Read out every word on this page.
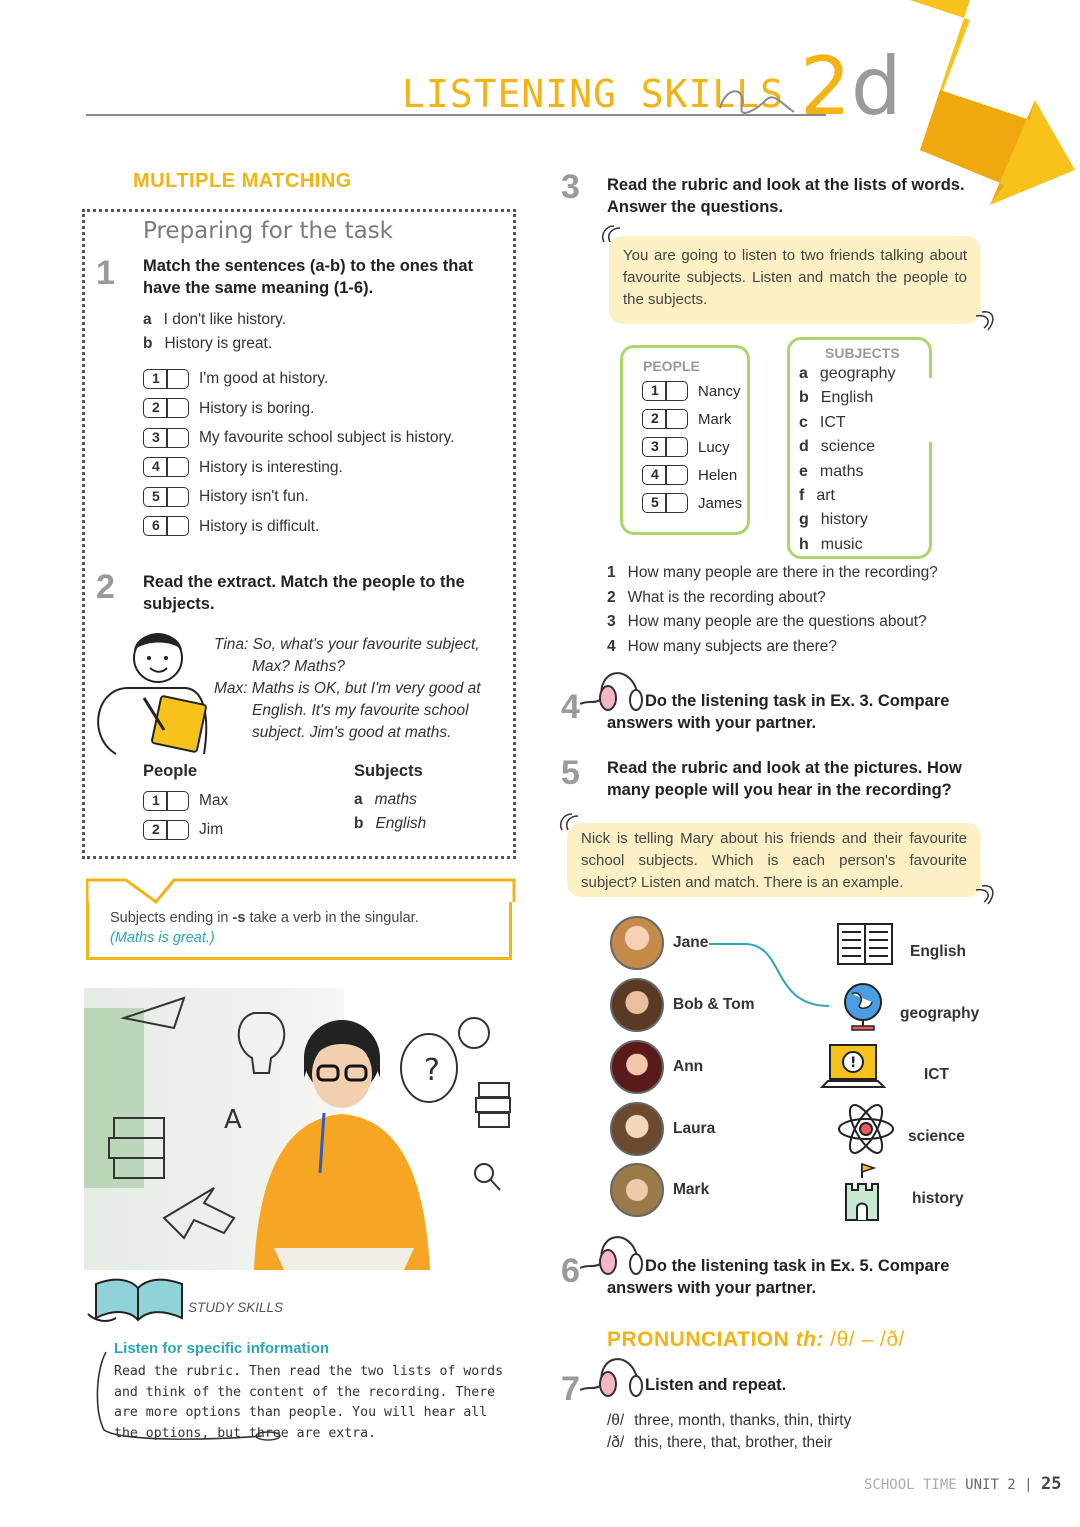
LISTENING SKILLS 2d
MULTIPLE MATCHING
Preparing for the task
1 Match the sentences (a-b) to the ones that have the same meaning (1-6).
a I don't like history.
b History is great.
1	I'm good at history.
2	History is boring.
3	My favourite school subject is history.
4	History is interesting.
5	History isn't fun.
6	History is difficult.
2 Read the extract. Match the people to the subjects.
Tina: So, what's your favourite subject,
Max? Maths?
Max: Maths is OK, but I'm very good at
English. It's my favourite school
subject. Jim's good at maths.
People	Subjects
1	Max
2	Jim
a maths
b English
Subjects ending in -s take a verb in the singular.
(Maths is great.)
A
?
STUDY SKILLS
Listen for specific information
Read the rubric. Then read the two lists of words and think of the content of the recording. There are more options than people. You will hear all the options, but three are extra.
3 Read the rubric and look at the lists of words. Answer the questions.
You are going to listen to two friends talking about favourite subjects. Listen and match the people to the subjects.
PEOPLE
1	Nancy
2	Mark
3	Lucy
4	Helen
5	James
SUBJECTS
a geography
b English
c ICT
d science
e maths
f art
g history
h music
1 How many people are there in the recording?
2 What is the recording about?
3 How many people are the questions about?
4 How many subjects are there?
4	Do the listening task in Ex. 3. Compare answers with your partner.
5 Read the rubric and look at the pictures. How many people will you hear in the recording?
Nick is telling Mary about his friends and their favourite school subjects. Which is each person's favourite subject? Listen and match. There is an example.
Jane
Bob & Tom
Ann
Laura
Mark
!
English
geography
ICT
science
history
6	Do the listening task in Ex. 5. Compare answers with your partner.
PRONUNCIATION th: /θ/ – /ð/
7	Listen and repeat.
/θ/ three, month, thanks, thin, thirty
/ð/ this, there, that, brother, their
SCHOOL TIME UNIT 2 | 25
